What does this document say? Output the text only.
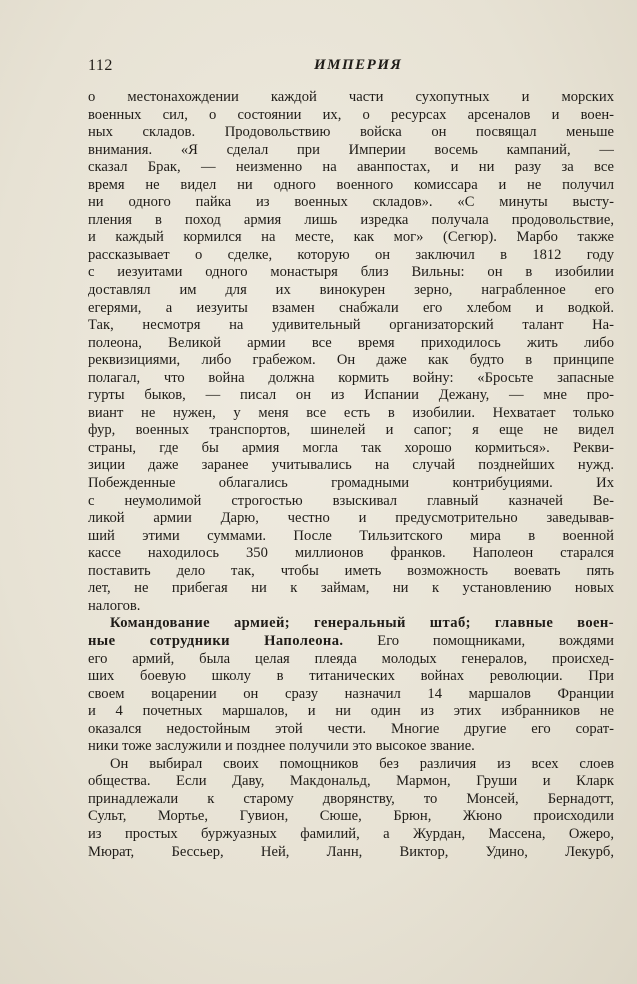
112	ИМПЕРИЯ
о местонахождении каждой части сухопутных и морских
военных сил, о состоянии их, о ресурсах арсеналов и воен-
ных складов. Продовольствию войска он посвящал меньше
внимания. «Я сделал при Империи восемь кампаний, —
сказал Брак, — неизменно на аванпостах, и ни разу за все
время не видел ни одного военного комиссара и не получил
ни одного пайка из военных складов». «С минуты высту-
пления в поход армия лишь изредка получала продовольствие,
и каждый кормился на месте, как мог» (Сегюр). Марбо также
рассказывает о сделке, которую он заключил в 1812 году
с иезуитами одного монастыря близ Вильны: он в изобилии
доставлял им для их винокурен зерно, награбленное его
егерями, а иезуиты взамен снабжали его хлебом и водкой.
Так, несмотря на удивительный организаторский талант На-
полеона, Великой армии все время приходилось жить либо
реквизициями, либо грабежом. Он даже как будто в принципе
полагал, что война должна кормить войну: «Бросьте запасные
гурты быков, — писал он из Испании Дежану, — мне про-
виант не нужен, у меня все есть в изобилии. Нехватает только
фур, военных транспортов, шинелей и сапог; я еще не видел
страны, где бы армия могла так хорошо кормиться». Рекви-
зиции даже заранее учитывались на случай позднейших нужд.
Побежденные облагались громадными контрибуциями. Их
с неумолимой строгостью взыскивал главный казначей Ве-
ликой армии Дарю, честно и предусмотрительно заведывав-
ший этими суммами. После Тильзитского мира в военной
кассе находилось 350 миллионов франков. Наполеон старался
поставить дело так, чтобы иметь возможность воевать пять
лет, не прибегая ни к займам, ни к установлению новых
налогов.
Командование армией; генеральный штаб; главные воен-
ные сотрудники Наполеона. Его помощниками, вождями
его армий, была целая плеяда молодых генералов, происхед-
ших боевую школу в титанических войнах революции. При
своем воцарении он сразу назначил 14 маршалов Франции
и 4 почетных маршалов, и ни один из этих избранников не
оказался недостойным этой чести. Многие другие его сорат-
ники тоже заслужили и позднее получили это высокое звание.
Он выбирал своих помощников без различия из всех слоев
общества. Если Даву, Макдональд, Мармон, Груши и Кларк
принадлежали к старому дворянству, то Монсей, Бернадотт,
Сульт, Мортье, Гувион, Сюше, Брюн, Жюно происходили
из простых буржуазных фамилий, а Журдан, Массена, Ожеро,
Мюрат, Бессьер, Ней, Ланн, Виктор, Удино, Лекурб,
